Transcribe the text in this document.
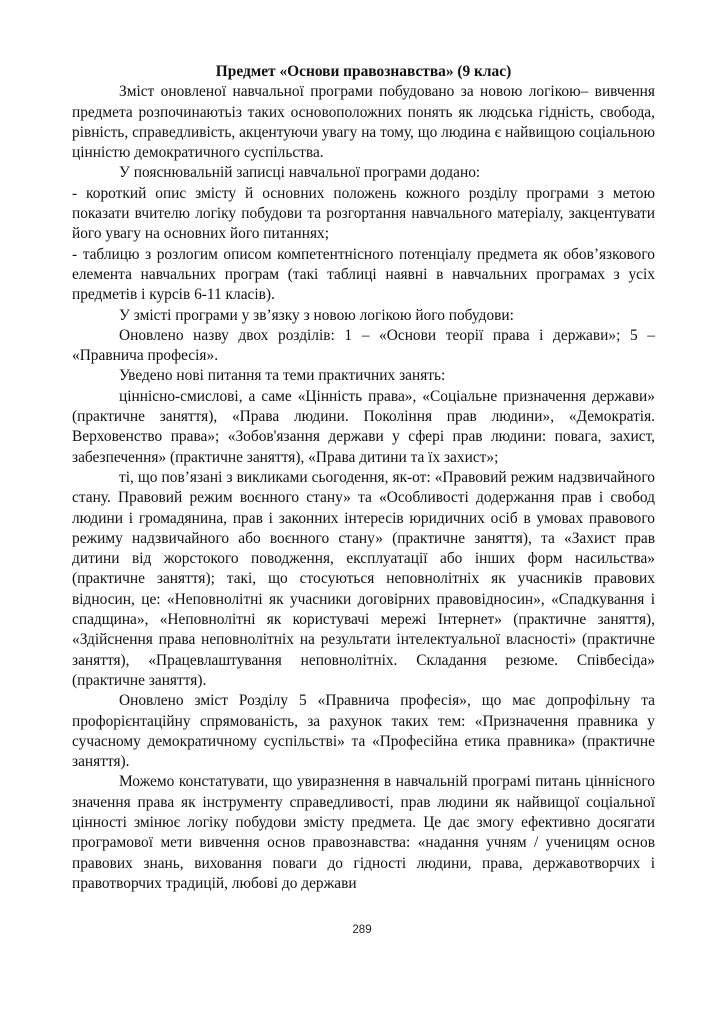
Предмет «Основи правознавства» (9 клас)

Зміст оновленої навчальної програми побудовано за новою логікою– вивчення предмета розпочинаютьіз таких основоположних понять як людська гідність, свобода, рівність, справедливість, акцентуючи увагу на тому, що людина є найвищою соціальною цінністю демократичного суспільства.

У пояснювальній записці навчальної програми додано:

- короткий опис змісту й основних положень кожного розділу програми з метою показати вчителю логіку побудови та розгортання навчального матеріалу, закцентувати його увагу на основних його питаннях;

- таблицю з розлогим описом компетентнісного потенціалу предмета як обов’язкового елемента навчальних програм (такі таблиці наявні в навчальних програмах з усіх предметів і курсів 6-11 класів).

У змісті програми у зв’язку з новою логікою його побудови:

Оновлено назву двох розділів: 1 – «Основи теорії права і держави»; 5 – «Правнича професія».

Уведено нові питання та теми практичних занять:

ціннісно-смислові, а саме «Цінність права», «Соціальне призначення держави» (практичне заняття), «Права людини. Покоління прав людини», «Демократія. Верховенство права»; «Зобов'язання держави у сфері прав людини: повага, захист, забезпечення» (практичне заняття), «Права дитини та їх захист»;

ті, що пов’язані з викликами сьогодення, як-от: «Правовий режим надзвичайного стану. Правовий режим воєнного стану» та «Особливості додержання прав і свобод людини і громадянина, прав і законних інтересів юридичних осіб в умовах правового режиму надзвичайного або воєнного стану» (практичне заняття), та «Захист прав дитини від жорстокого поводження, експлуатації або інших форм насильства» (практичне заняття); такі, що стосуються неповнолітніх як учасників правових відносин, це: «Неповнолітні як учасники договірних правовідносин», «Спадкування і спадщина», «Неповнолітні як користувачі мережі Інтернет» (практичне заняття), «Здійснення права неповнолітніх на результати інтелектуальної власності» (практичне заняття), «Працевлаштування неповнолітніх. Складання резюме. Співбесіда» (практичне заняття).

Оновлено зміст Розділу 5 «Правнича професія», що має допрофільну та профорієнтаційну спрямованість, за рахунок таких тем: «Призначення правника у сучасному демократичному суспільстві» та «Професійна етика правника» (практичне заняття).

Можемо констатувати, що увиразнення в навчальній програмі питань ціннісного значення права як інструменту справедливості, прав людини як найвищої соціальної цінності змінює логіку побудови змісту предмета. Це дає змогу ефективно досягати програмової мети вивчення основ правознавства: «надання учням / ученицям основ правових знань, виховання поваги до гідності людини, права, державотворчих і правотворчих традицій, любові до держави

289
